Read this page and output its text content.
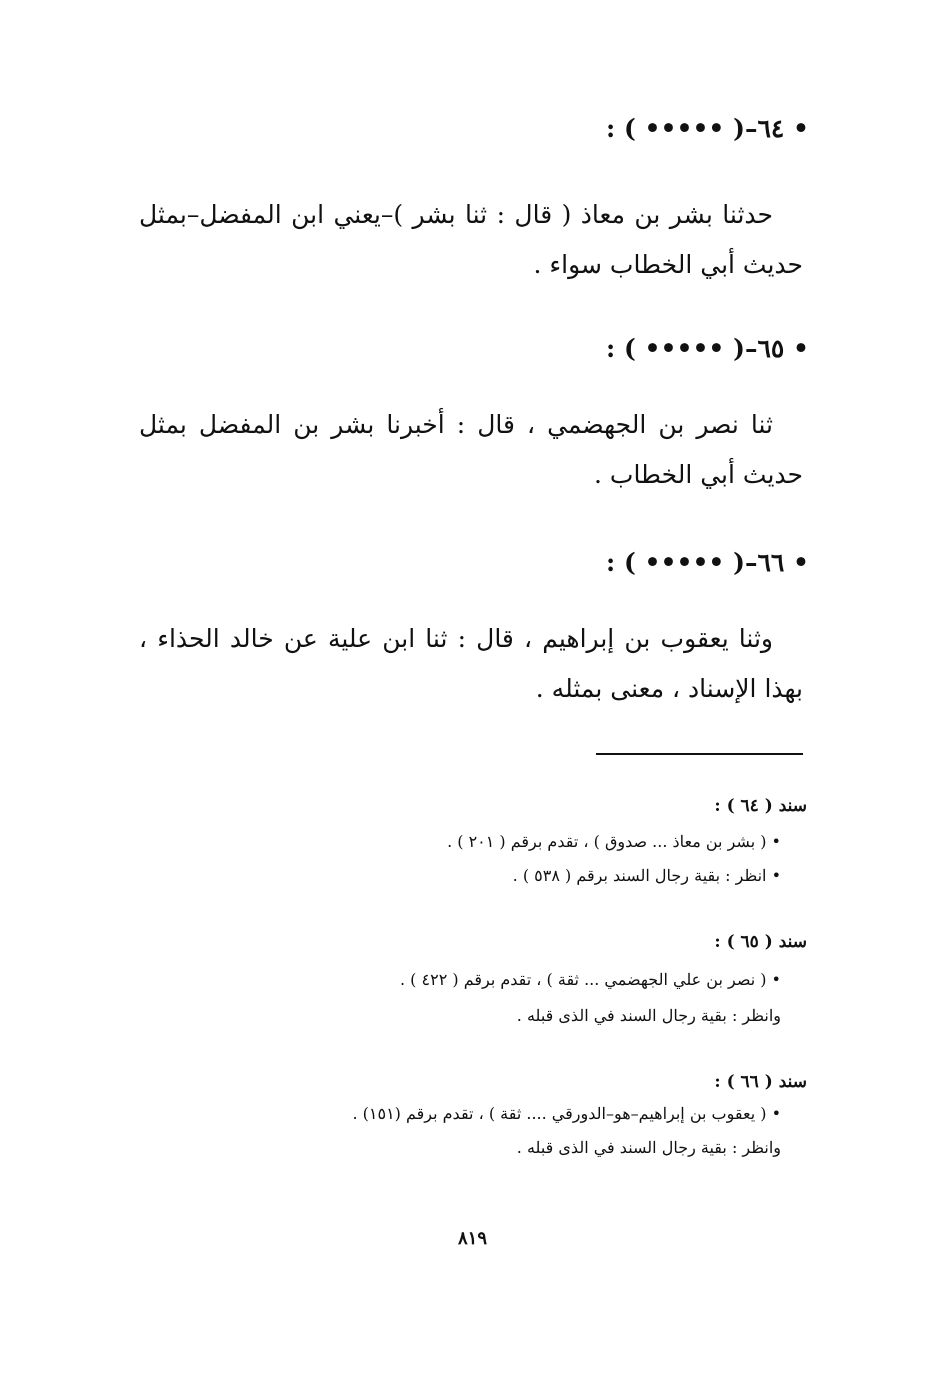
• ٦٤–( ••••• ) :
حدثنا بشر بن معاذ ( قال : ثنا بشر )–يعني ابن المفضل–بمثل حديث أبي الخطاب سواء .
• ٦٥–( ••••• ) :
ثنا نصر بن الجهضمي ، قال : أخبرنا بشر بن المفضل بمثل حديث أبي الخطاب .
• ٦٦–( ••••• ) :
وثنا يعقوب بن إبراهيم ، قال : ثنا ابن علية عن خالد الحذاء ، بهذا الإسناد ، معنى بمثله .
سند ( ٦٤ ) :
• ( بشر بن معاذ ... صدوق ) ، تقدم برقم ( ٢٠١ ) .
• انظر : بقية رجال السند برقم ( ٥٣٨ ) .
سند ( ٦٥ ) :
• ( نصر بن علي الجهضمي ... ثقة ) ، تقدم برقم ( ٤٢٢ ) .
وانظر : بقية رجال السند في الذى قبله .
سند ( ٦٦ ) :
• ( يعقوب بن إبراهيم–هو–الدورقي .... ثقة ) ، تقدم برقم (١٥١) .
وانظر : بقية رجال السند في الذى قبله .
٨١٩
